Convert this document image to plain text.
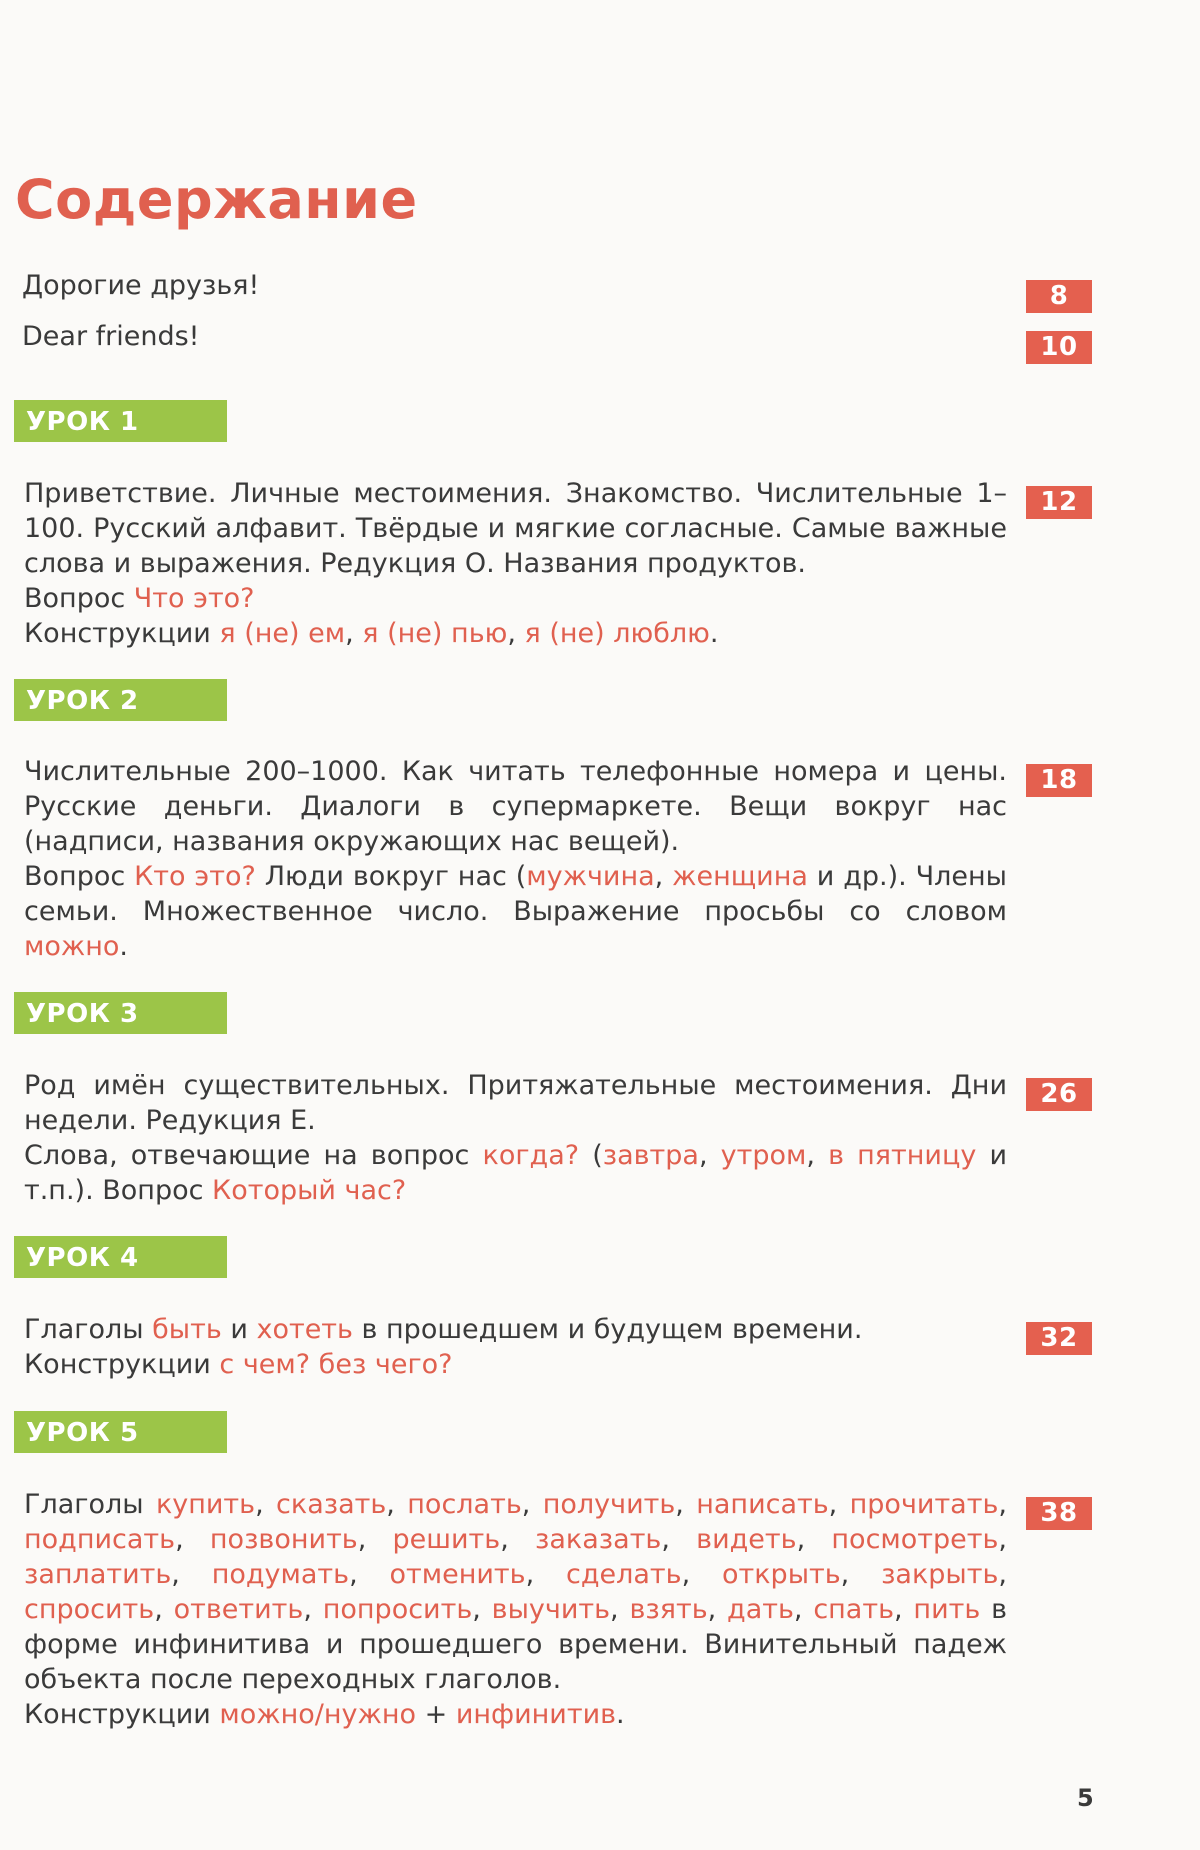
Содержание
Дорогие друзья!	8
Dear friends!	10
УРОК 1

Приветствие. Личные местоимения. Знакомство. Числительные 1–100. Русский алфавит. Твёрдые и мягкие согласные. Самые важные слова и выражения. Редукция О. Названия продуктов.

Вопрос Что это?

Конструкции я (не) ем, я (не) пью, я (не) люблю.

12
УРОК 2

Числительные 200–1000. Как читать телефонные номера и цены. Русские деньги. Диалоги в супермаркете. Вещи вокруг нас (надписи, названия окружающих нас вещей).

Вопрос Кто это? Люди вокруг нас (мужчина, женщина и др.). Члены семьи. Множественное число. Выражение просьбы со словом можно.

18
УРОК 3

Род имён существительных. Притяжательные местоимения. Дни недели. Редукция Е.

Слова, отвечающие на вопрос когда? (завтра, утром, в пятницу и т.п.). Вопрос Который час?

26
УРОК 4

Глаголы быть и хотеть в прошедшем и будущем времени.

Конструкции с чем? без чего?

32
УРОК 5

Глаголы купить, сказать, послать, получить, написать, прочитать, подписать, позвонить, решить, заказать, видеть, посмотреть, заплатить, подумать, отменить, сделать, открыть, закрыть, спросить, ответить, попросить, выучить, взять, дать, спать, пить в форме инфинитива и прошедшего времени. Винительный падеж объекта после переходных глаголов.

Конструкции можно/нужно + инфинитив.

38
5
